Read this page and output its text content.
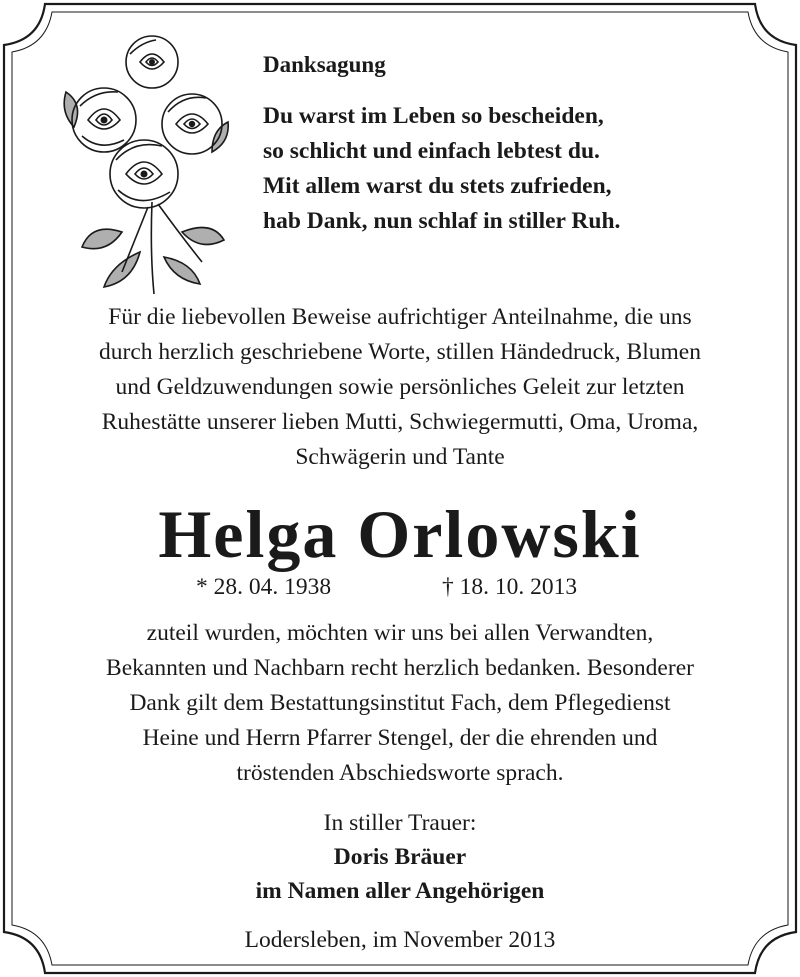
Danksagung
Du warst im Leben so bescheiden,
so schlicht und einfach lebtest du.
Mit allem warst du stets zufrieden,
hab Dank, nun schlaf in stiller Ruh.
Für die liebevollen Beweise aufrichtiger Anteilnahme, die uns
durch herzlich geschriebene Worte, stillen Händedruck, Blumen
und Geldzuwendungen sowie persönliches Geleit zur letzten
Ruhestätte unserer lieben Mutti, Schwiegermutti, Oma, Uroma,
Schwägerin und Tante
Helga Orlowski
* 28. 04. 1938	† 18. 10. 2013
zuteil wurden, möchten wir uns bei allen Verwandten,
Bekannten und Nachbarn recht herzlich bedanken. Besonderer
Dank gilt dem Bestattungsinstitut Fach, dem Pflegedienst
Heine und Herrn Pfarrer Stengel, der die ehrenden und
tröstenden Abschiedsworte sprach.
In stiller Trauer:
Doris Bräuer
im Namen aller Angehörigen
Lodersleben, im November 2013
